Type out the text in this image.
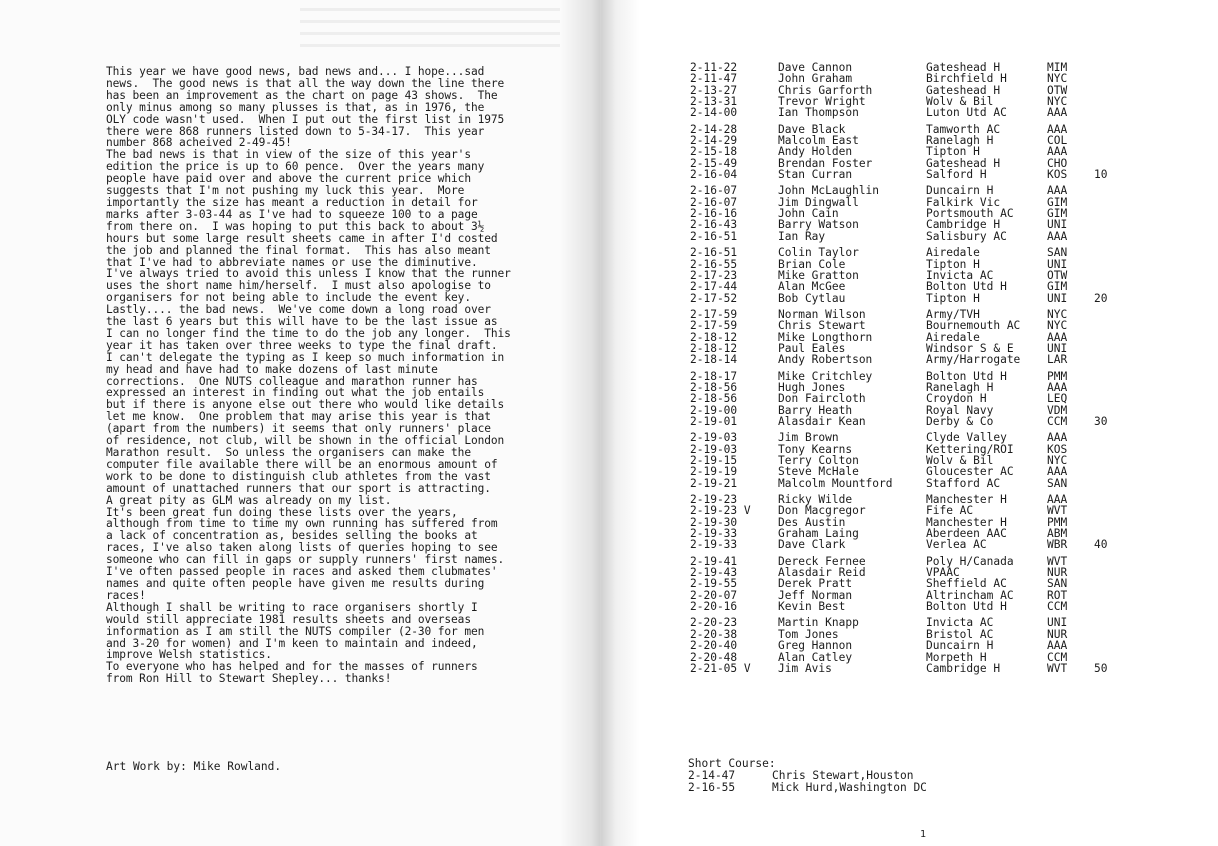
This year we have good news, bad news and... I hope...sad
news.  The good news is that all the way down the line there
has been an improvement as the chart on page 43 shows.  The
only minus among so many plusses is that, as in 1976, the
OLY code wasn't used.  When I put out the first list in 1975
there were 868 runners listed down to 5-34-17.  This year
number 868 acheived 2-49-45!
The bad news is that in view of the size of this year's
edition the price is up to 60 pence.  Over the years many
people have paid over and above the current price which
suggests that I'm not pushing my luck this year.  More
importantly the size has meant a reduction in detail for
marks after 3-03-44 as I've had to squeeze 100 to a page
from there on.  I was hoping to put this back to about 3½
hours but some large result sheets came in after I'd costed
the job and planned the final format.  This has also meant
that I've had to abbreviate names or use the diminutive.
I've always tried to avoid this unless I know that the runner
uses the short name him/herself.  I must also apologise to
organisers for not being able to include the event key.
Lastly.... the bad news.  We've come down a long road over
the last 6 years but this will have to be the last issue as
I can no longer find the time to do the job any longer.  This
year it has taken over three weeks to type the final draft.
I can't delegate the typing as I keep so much information in
my head and have had to make dozens of last minute
corrections.  One NUTS colleague and marathon runner has
expressed an interest in finding out what the job entails
but if there is anyone else out there who would like details
let me know.  One problem that may arise this year is that
(apart from the numbers) it seems that only runners' place
of residence, not club, will be shown in the official London
Marathon result.  So unless the organisers can make the
computer file available there will be an enormous amount of
work to be done to distinguish club athletes from the vast
amount of unattached runners that our sport is attracting.
A great pity as GLM was already on my list.
It's been great fun doing these lists over the years,
although from time to time my own running has suffered from
a lack of concentration as, besides selling the books at
races, I've also taken along lists of queries hoping to see
someone who can fill in gaps or supply runners' first names.
I've often passed people in races and asked them clubmates'
names and quite often people have given me results during
races!
Although I shall be writing to race organisers shortly I
would still appreciate 1981 results sheets and overseas
information as I am still the NUTS compiler (2-30 for men
and 3-20 for women) and I'm keen to maintain and indeed,
improve Welsh statistics.
To everyone who has helped and for the masses of runners
from Ron Hill to Stewart Shepley... thanks!
Art Work by: Mike Rowland.
2-11-22	Dave Cannon	Gateshead H	MIM
2-11-47	John Graham	Birchfield H	NYC
2-13-27	Chris Garforth	Gateshead H	OTW
2-13-31	Trevor Wright	Wolv & Bil	NYC
2-14-00	Ian Thompson	Luton Utd AC	AAA
2-14-28	Dave Black	Tamworth AC	AAA
2-14-29	Malcolm East	Ranelagh H	COL
2-15-18	Andy Holden	Tipton H	AAA
2-15-49	Brendan Foster	Gateshead H	CHO
2-16-04	Stan Curran	Salford H	KOS 10
2-16-07	John McLaughlin	Duncairn H	AAA
2-16-07	Jim Dingwall	Falkirk Vic	GIM
2-16-16	John Cain	Portsmouth AC	GIM
2-16-43	Barry Watson	Cambridge H	UNI
2-16-51	Ian Ray	Salisbury AC	AAA
2-16-51	Colin Taylor	Airedale	SAN
2-16-55	Brian Cole	Tipton H	UNI
2-17-23	Mike Gratton	Invicta AC	OTW
2-17-44	Alan McGee	Bolton Utd H	GIM
2-17-52	Bob Cytlau	Tipton H	UNI 20
2-17-59	Norman Wilson	Army/TVH	NYC
2-17-59	Chris Stewart	Bournemouth AC NYC
2-18-12	Mike Longthorn	Airedale	AAA
2-18-12	Paul Eales	Windsor S & E	UNI
2-18-14	Andy Robertson	Army/Harrogate LAR
2-18-17	Mike Critchley	Bolton Utd H	PMM
2-18-56	Hugh Jones	Ranelagh H	AAA
2-18-56	Don Faircloth	Croydon H	LEQ
2-19-00	Barry Heath	Royal Navy	VDM
2-19-01	Alasdair Kean	Derby & Co	CCM 30
2-19-03	Jim Brown	Clyde Valley	AAA
2-19-03	Tony Kearns	Kettering/ROI	KOS
2-19-15	Terry Colton	Wolv & Bil	NYC
2-19-19	Steve McHale	Gloucester AC	AAA
2-19-21	Malcolm Mountford	Stafford AC	SAN
2-19-23	Ricky Wilde	Manchester H	AAA
2-19-23 V Don Macgregor	Fife AC	WVT
2-19-30	Des Austin	Manchester H	PMM
2-19-33	Graham Laing	Aberdeen AAC	ABM
2-19-33	Dave Clark	Verlea AC	WBR 40
2-19-41	Dereck Fernee	Poly H/Canada	WVT
2-19-43	Alasdair Reid	VPAAC	NUR
2-19-55	Derek Pratt	Sheffield AC	SAN
2-20-07	Jeff Norman	Altrincham AC	ROT
2-20-16	Kevin Best	Bolton Utd H	CCM
2-20-23	Martin Knapp	Invicta AC	UNI
2-20-38	Tom Jones	Bristol AC	NUR
2-20-40	Greg Hannon	Duncairn H	AAA
2-20-48	Alan Catley	Morpeth H	CCM
2-21-05 V Jim Avis	Cambridge H	WVT 50
Short Course:
2-14-47	Chris Stewart,Houston
2-16-55	Mick Hurd,Washington DC
1
